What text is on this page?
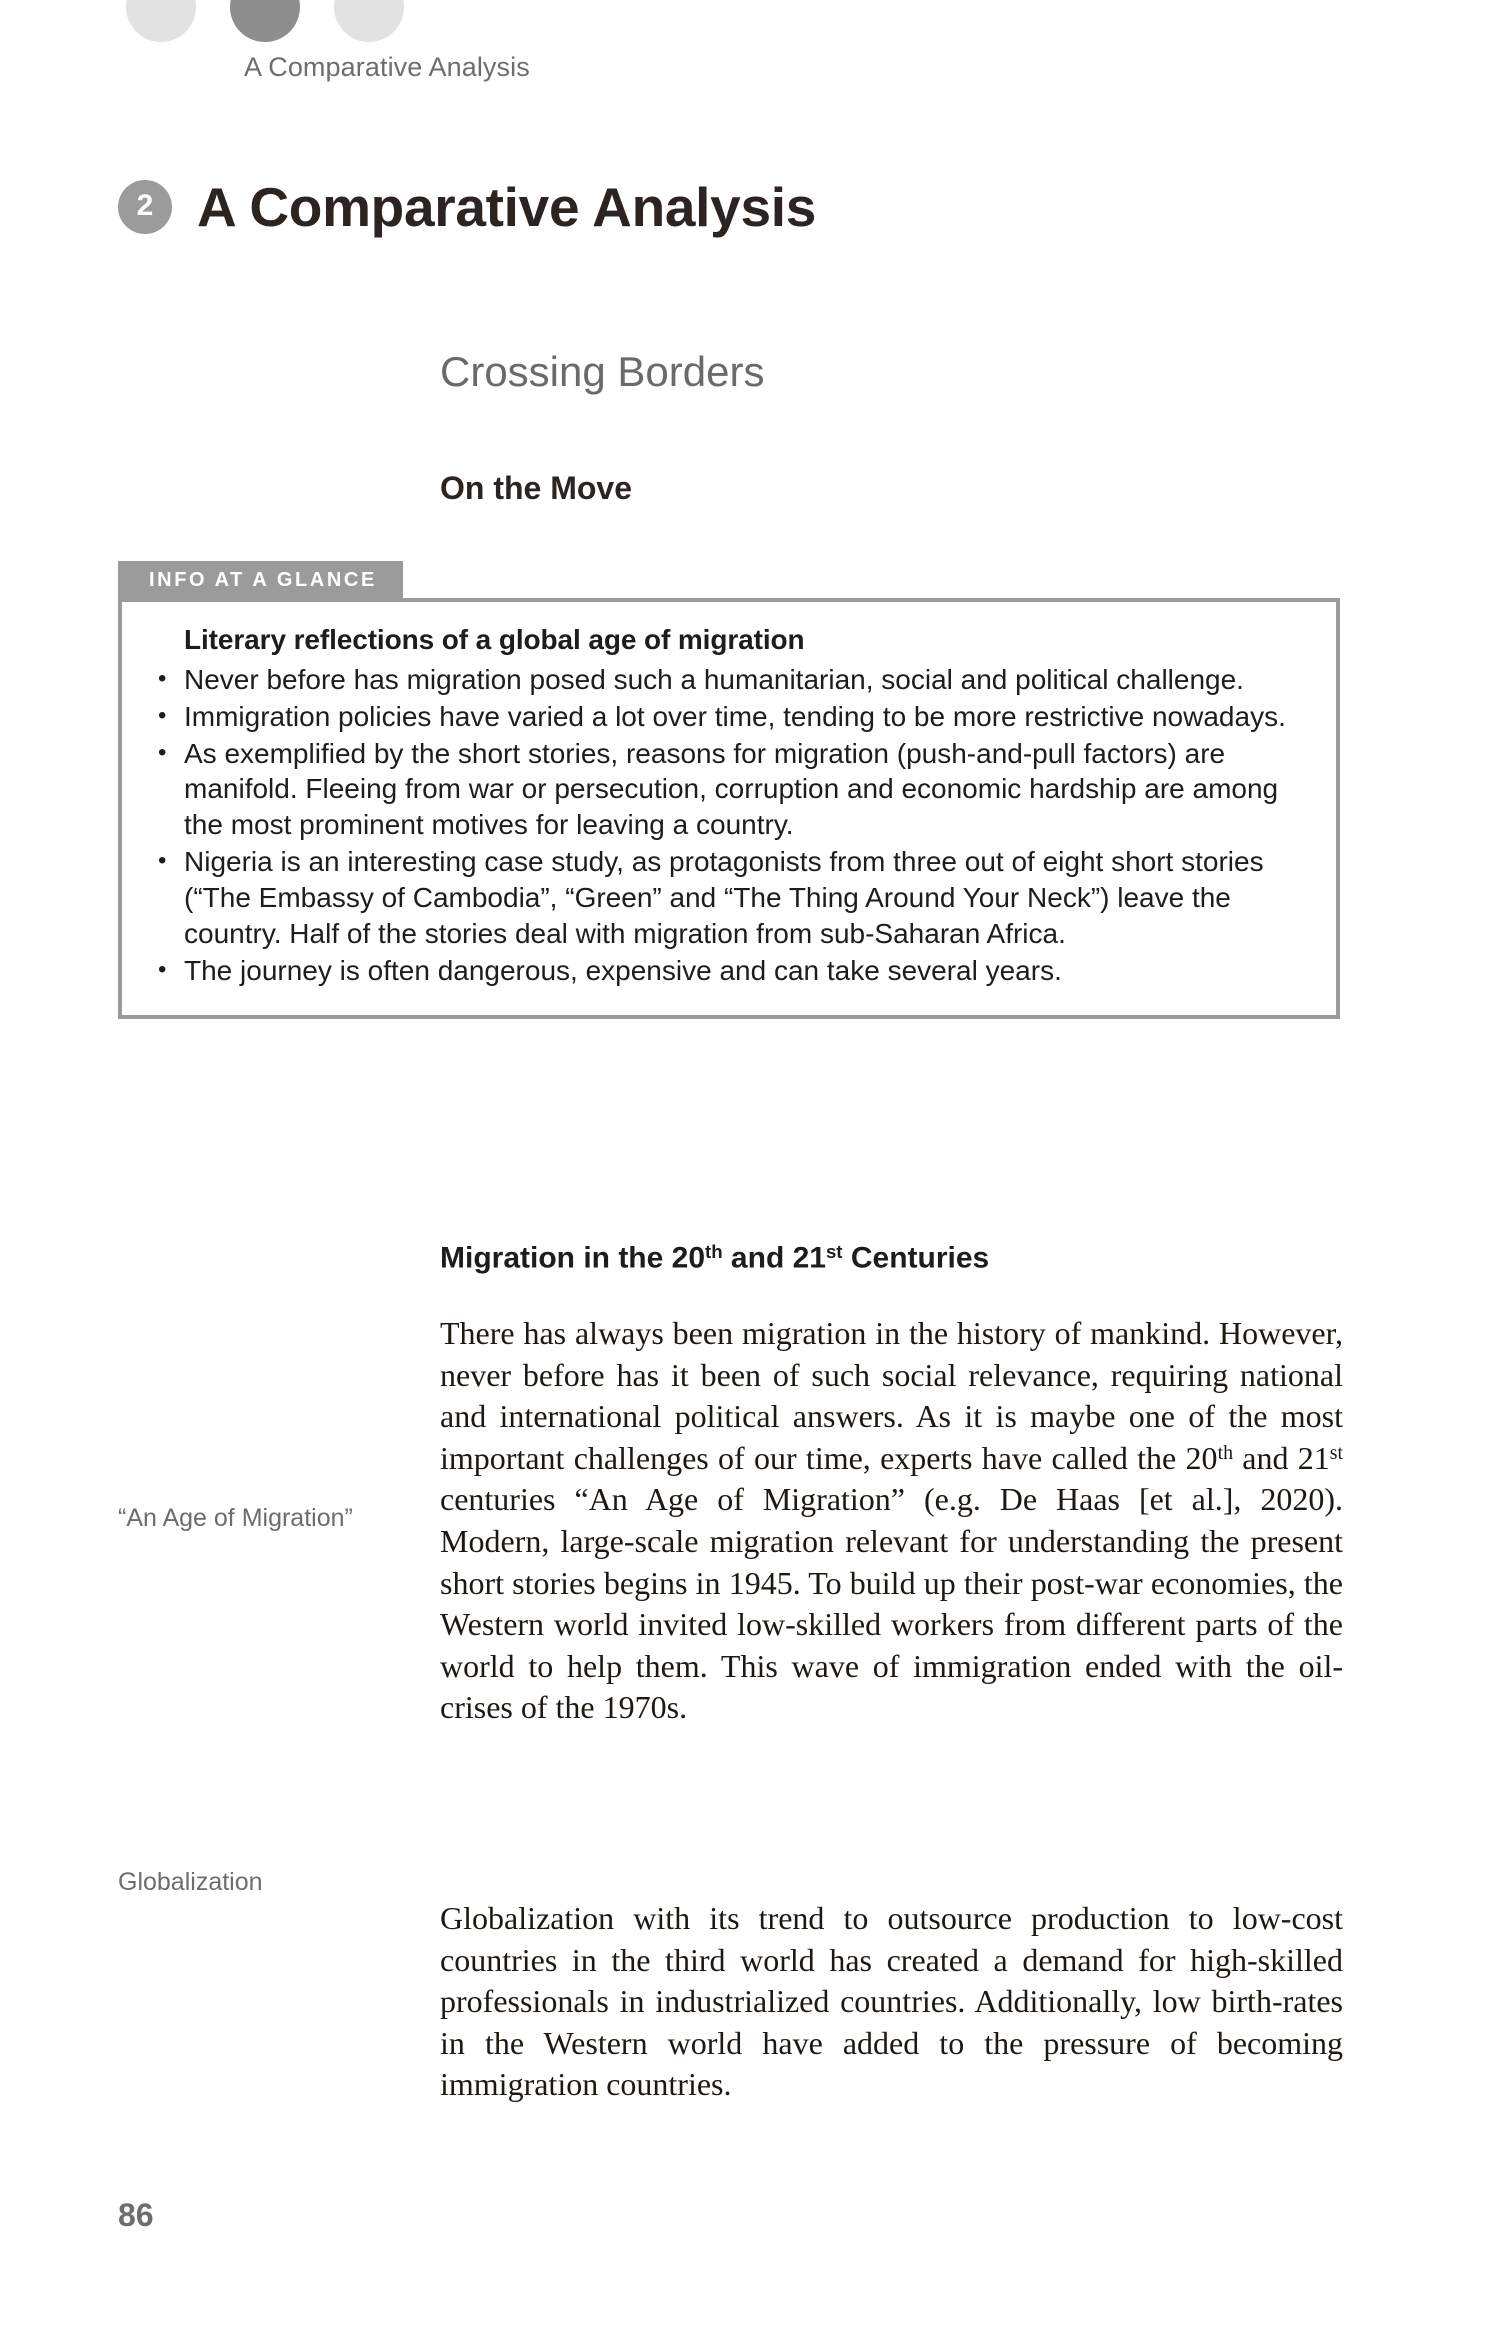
A Comparative Analysis
2 A Comparative Analysis
Crossing Borders
On the Move
INFO AT A GLANCE
Literary reflections of a global age of migration
• Never before has migration posed such a humanitarian, social and political challenge.
• Immigration policies have varied a lot over time, tending to be more restrictive nowadays.
• As exemplified by the short stories, reasons for migration (push-and-pull factors) are manifold. Fleeing from war or persecution, corruption and economic hardship are among the most prominent motives for leaving a country.
• Nigeria is an interesting case study, as protagonists from three out of eight short stories (“The Embassy of Cambodia”, “Green” and “The Thing Around Your Neck”) leave the country. Half of the stories deal with migration from sub-Saharan Africa.
• The journey is often dangerous, expensive and can take several years.
Migration in the 20th and 21st Centuries
“An Age of Migration”

There has always been migration in the history of mankind. However, never before has it been of such social relevance, requiring national and international political answers. As it is maybe one of the most important challenges of our time, experts have called the 20th and 21st centuries “An Age of Migration” (e.g. De Haas [et al.], 2020). Modern, large-scale migration relevant for understanding the present short stories begins in 1945. To build up their post-war economies, the Western world invited low-skilled workers from different parts of the world to help them. This wave of immigration ended with the oil-crises of the 1970s.

Globalization

Globalization with its trend to outsource production to low-cost countries in the third world has created a demand for high-skilled professionals in industrialized countries. Additionally, low birth-rates in the Western world have added to the pressure of becoming immigration countries.

86
